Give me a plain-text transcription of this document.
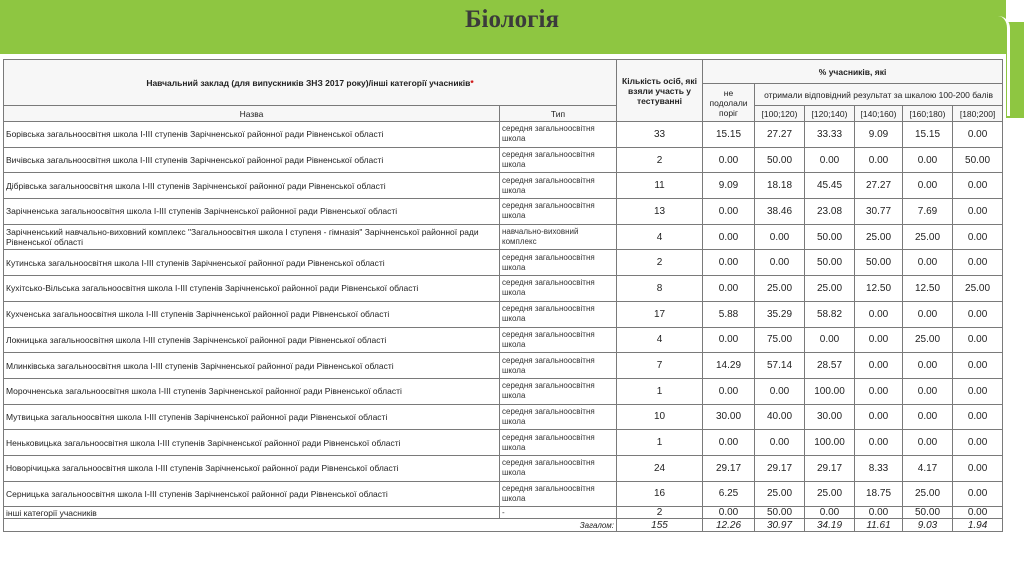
Біологія
Навчальний заклад (для випускників ЗНЗ 2017 року)/інші категорії учасників*		Кількість осіб, які взяли участь у тестуванні	% учасників, які					
			не подолали поріг	отримали відповідний результат за шкалою 100-200 балів				
Назва	Тип			[100;120)	[120;140)	[140;160)	[160;180)	[180;200]
Борівська загальноосвітня школа І-ІІІ ступенів Зарічненської районної ради Рівненської області	середня загальноосвітня школа	33	15.15	27.27	33.33	9.09	15.15	0.00
Вичівська загальноосвітня школа І-ІІІ ступенів Зарічненської районної ради Рівненської області	середня загальноосвітня школа	2	0.00	50.00	0.00	0.00	0.00	50.00
Дібрівська загальноосвітня школа І-ІІІ ступенів Зарічненської районної ради Рівненської області	середня загальноосвітня школа	11	9.09	18.18	45.45	27.27	0.00	0.00
Зарічненська загальноосвітня школа І-ІІІ ступенів Зарічненської районної ради Рівненської області	середня загальноосвітня школа	13	0.00	38.46	23.08	30.77	7.69	0.00
Зарічненський навчально-виховний комплекс "Загальноосвітня школа І ступеня - гімназія" Зарічненської районної ради Рівненської області	навчально-виховний комплекс	4	0.00	0.00	50.00	25.00	25.00	0.00
Кутинська загальноосвітня школа І-ІІІ ступенів Зарічненської районної ради Рівненської області	середня загальноосвітня школа	2	0.00	0.00	50.00	50.00	0.00	0.00
Кухітсько-Вільська загальноосвітня школа І-ІІІ ступенів Зарічненської районної ради Рівненської області	середня загальноосвітня школа	8	0.00	25.00	25.00	12.50	12.50	25.00
Кухченська загальноосвітня школа І-ІІІ ступенів Зарічненської районної ради Рівненської області	середня загальноосвітня школа	17	5.88	35.29	58.82	0.00	0.00	0.00
Локницька загальноосвітня школа І-ІІІ ступенів Зарічненської районної ради Рівненської області	середня загальноосвітня школа	4	0.00	75.00	0.00	0.00	25.00	0.00
Млинківська загальноосвітня школа І-ІІІ ступенів Зарічненської районної ради Рівненської області	середня загальноосвітня школа	7	14.29	57.14	28.57	0.00	0.00	0.00
Морочненська загальноосвітня школа І-ІІІ ступенів Зарічненської районної ради Рівненської області	середня загальноосвітня школа	1	0.00	0.00	100.00	0.00	0.00	0.00
Мутвицька загальноосвітня школа І-ІІІ ступенів Зарічненської районної ради Рівненської області	середня загальноосвітня школа	10	30.00	40.00	30.00	0.00	0.00	0.00
Неньковицька загальноосвітня школа І-ІІІ ступенів Зарічненської районної ради Рівненської області	середня загальноосвітня школа	1	0.00	0.00	100.00	0.00	0.00	0.00
Новорічицька загальноосвітня школа І-ІІІ ступенів Зарічненської районної ради Рівненської області	середня загальноосвітня школа	24	29.17	29.17	29.17	8.33	4.17	0.00
Серницька загальноосвітня школа І-ІІІ ступенів Зарічненської районної ради Рівненської області	середня загальноосвітня школа	16	6.25	25.00	25.00	18.75	25.00	0.00
інші категорії учасників	-	2	0.00	50.00	0.00	0.00	50.00	0.00
Загалом:		155	12.26	30.97	34.19	11.61	9.03	1.94
